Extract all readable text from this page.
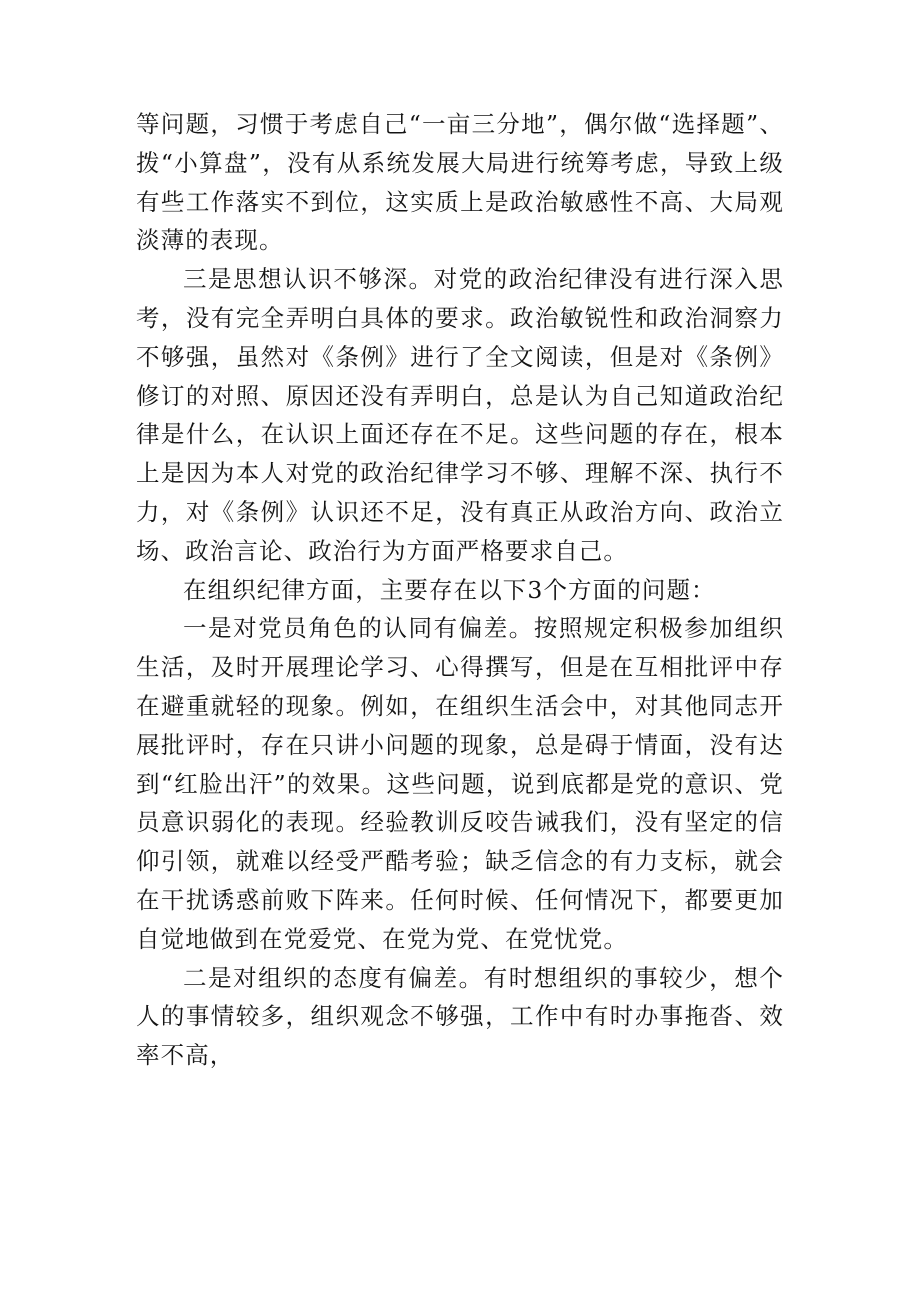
等问题，习惯于考虑自己“一亩三分地”，偶尔做“选择题”、拨“小算盘”，没有从系统发展大局进行统筹考虑，导致上级有些工作落实不到位，这实质上是政治敏感性不高、大局观淡薄的表现。

三是思想认识不够深。对党的政治纪律没有进行深入思考，没有完全弄明白具体的要求。政治敏锐性和政治洞察力不够强，虽然对《条例》进行了全文阅读，但是对《条例》修订的对照、原因还没有弄明白，总是认为自己知道政治纪律是什么，在认识上面还存在不足。这些问题的存在，根本上是因为本人对党的政治纪律学习不够、理解不深、执行不力，对《条例》认识还不足，没有真正从政治方向、政治立场、政治言论、政治行为方面严格要求自己。

在组织纪律方面，主要存在以下3个方面的问题：

一是对党员角色的认同有偏差。按照规定积极参加组织生活，及时开展理论学习、心得撰写，但是在互相批评中存在避重就轻的现象。例如，在组织生活会中，对其他同志开展批评时，存在只讲小问题的现象，总是碍于情面，没有达到“红脸出汗”的效果。这些问题，说到底都是党的意识、党员意识弱化的表现。经验教训反咬告诫我们，没有坚定的信仰引领，就难以经受严酷考验；缺乏信念的有力支标，就会在干扰诱惑前败下阵来。任何时候、任何情况下，都要更加自觉地做到在党爱党、在党为党、在党忧党。

二是对组织的态度有偏差。有时想组织的事较少，想个人的事情较多，组织观念不够强，工作中有时办事拖沓、效率不高，
